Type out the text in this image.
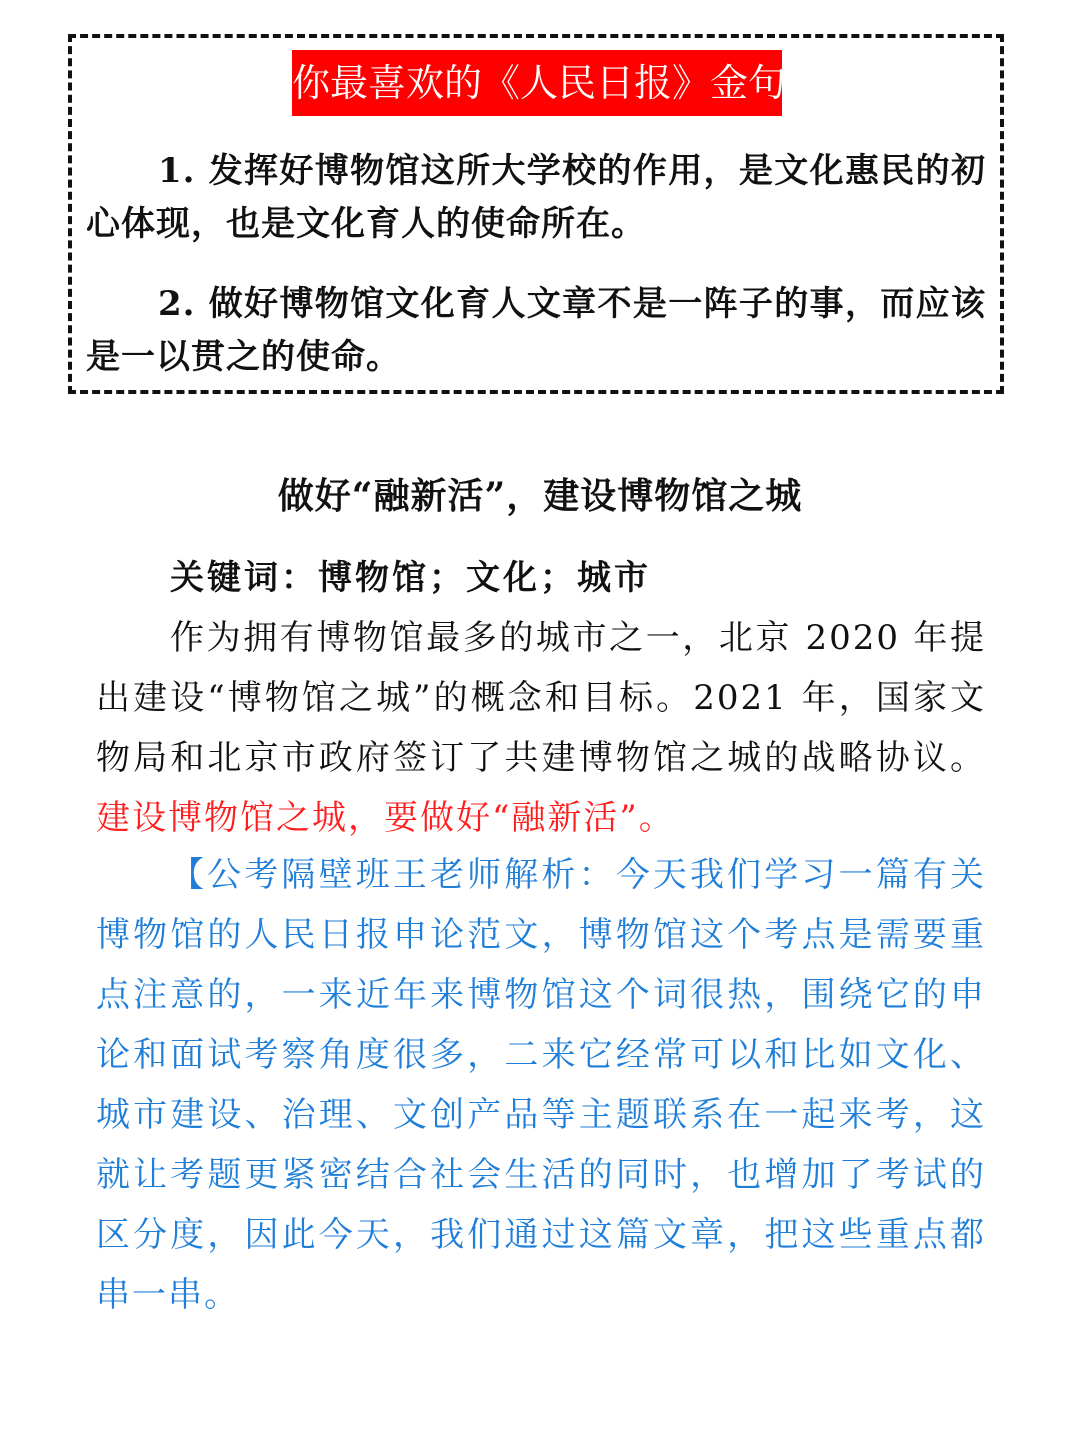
你最喜欢的《人民日报》金句

1. 发挥好博物馆这所大学校的作用，是文化惠民的初心体现，也是文化育人的使命所在。

2. 做好博物馆文化育人文章不是一阵子的事，而应该是一以贯之的使命。

做好“融新活”，建设博物馆之城

关键词：博物馆；文化；城市

作为拥有博物馆最多的城市之一，北京 2020 年提出建设“博物馆之城”的概念和目标。2021 年，国家文物局和北京市政府签订了共建博物馆之城的战略协议。建设博物馆之城，要做好“融新活”。

【公考隔壁班王老师解析：今天我们学习一篇有关博物馆的人民日报申论范文，博物馆这个考点是需要重点注意的，一来近年来博物馆这个词很热，围绕它的申论和面试考察角度很多，二来它经常可以和比如文化、城市建设、治理、文创产品等主题联系在一起来考，这就让考题更紧密结合社会生活的同时，也增加了考试的区分度，因此今天，我们通过这篇文章，把这些重点都串一串。
